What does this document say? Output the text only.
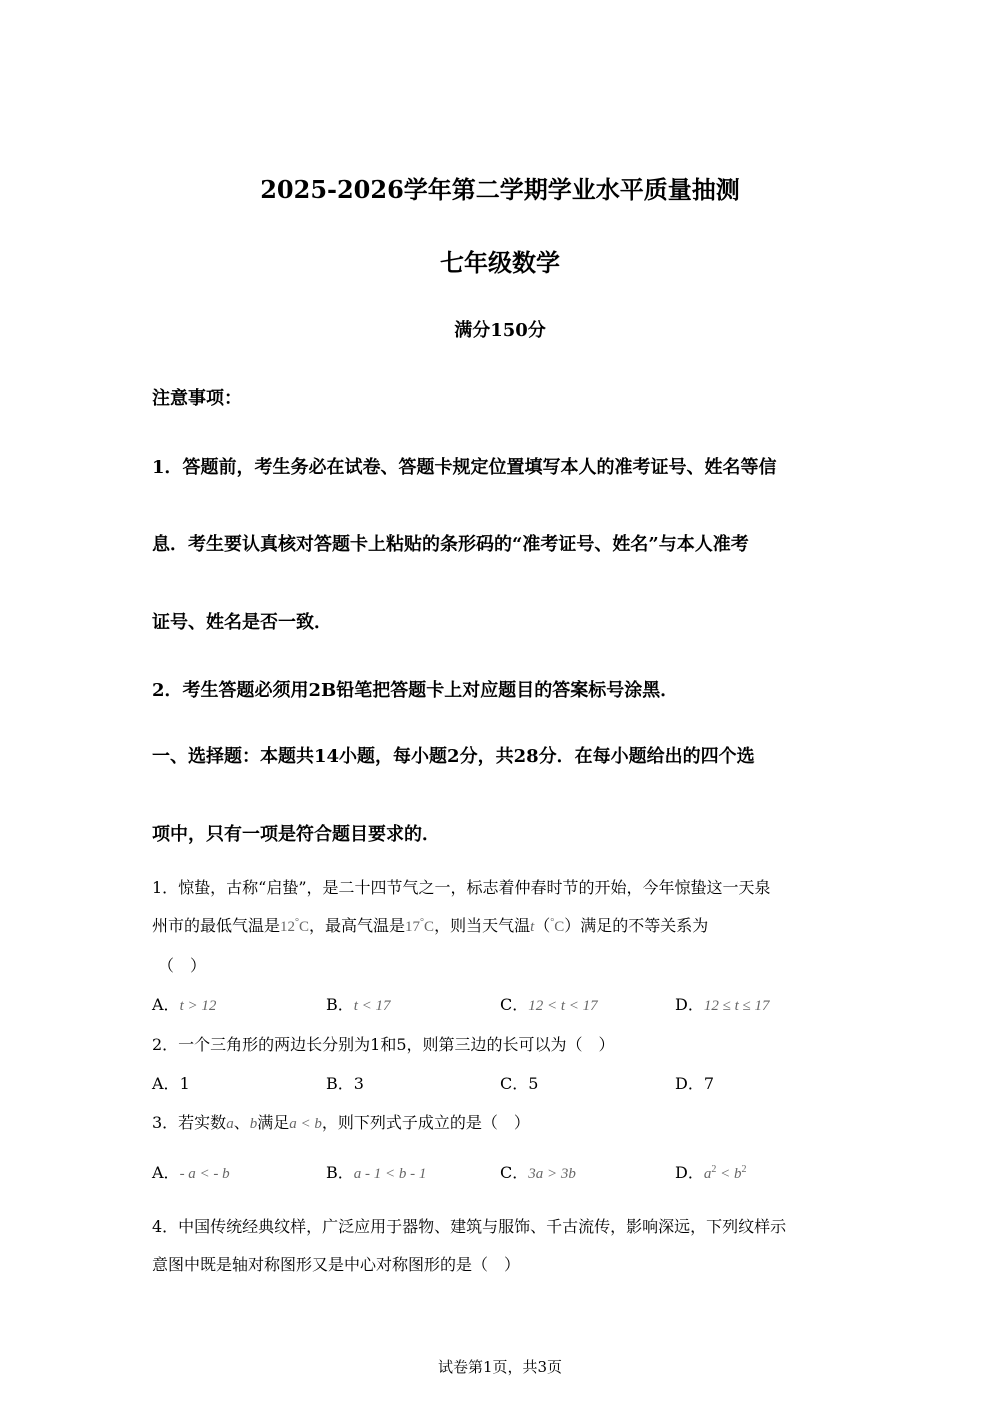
2025-2026学年第二学期学业水平质量抽测
七年级数学
满分150分
注意事项：
1．答题前，考生务必在试卷、答题卡规定位置填写本人的准考证号、姓名等信
息．考生要认真核对答题卡上粘贴的条形码的“准考证号、姓名”与本人准考
证号、姓名是否一致．
2．考生答题必须用2B铅笔把答题卡上对应题目的答案标号涂黑．
一、选择题：本题共14小题，每小题2分，共28分．在每小题给出的四个选
项中，只有一项是符合题目要求的．
1．惊蛰，古称“启蛰”，是二十四节气之一，标志着仲春时节的开始，今年惊蛰这一天泉
州市的最低气温是12°C，最高气温是17°C，则当天气温t（°C）满足的不等关系为
（　）
A．t > 12	B．t < 17	C．12 < t < 17	D．12 ≤ t ≤ 17
2．一个三角形的两边长分别为1和5，则第三边的长可以为（　）
A．1	B．3	C．5	D．7
3．若实数a、b满足a < b，则下列式子成立的是（　）
A．- a < - b	B．a - 1 < b - 1	C．3a > 3b	D．$a^2 < b^2$
4．中国传统经典纹样，广泛应用于器物、建筑与服饰、千古流传，影响深远，下列纹样示
意图中既是轴对称图形又是中心对称图形的是（　）
试卷第1页，共3页
